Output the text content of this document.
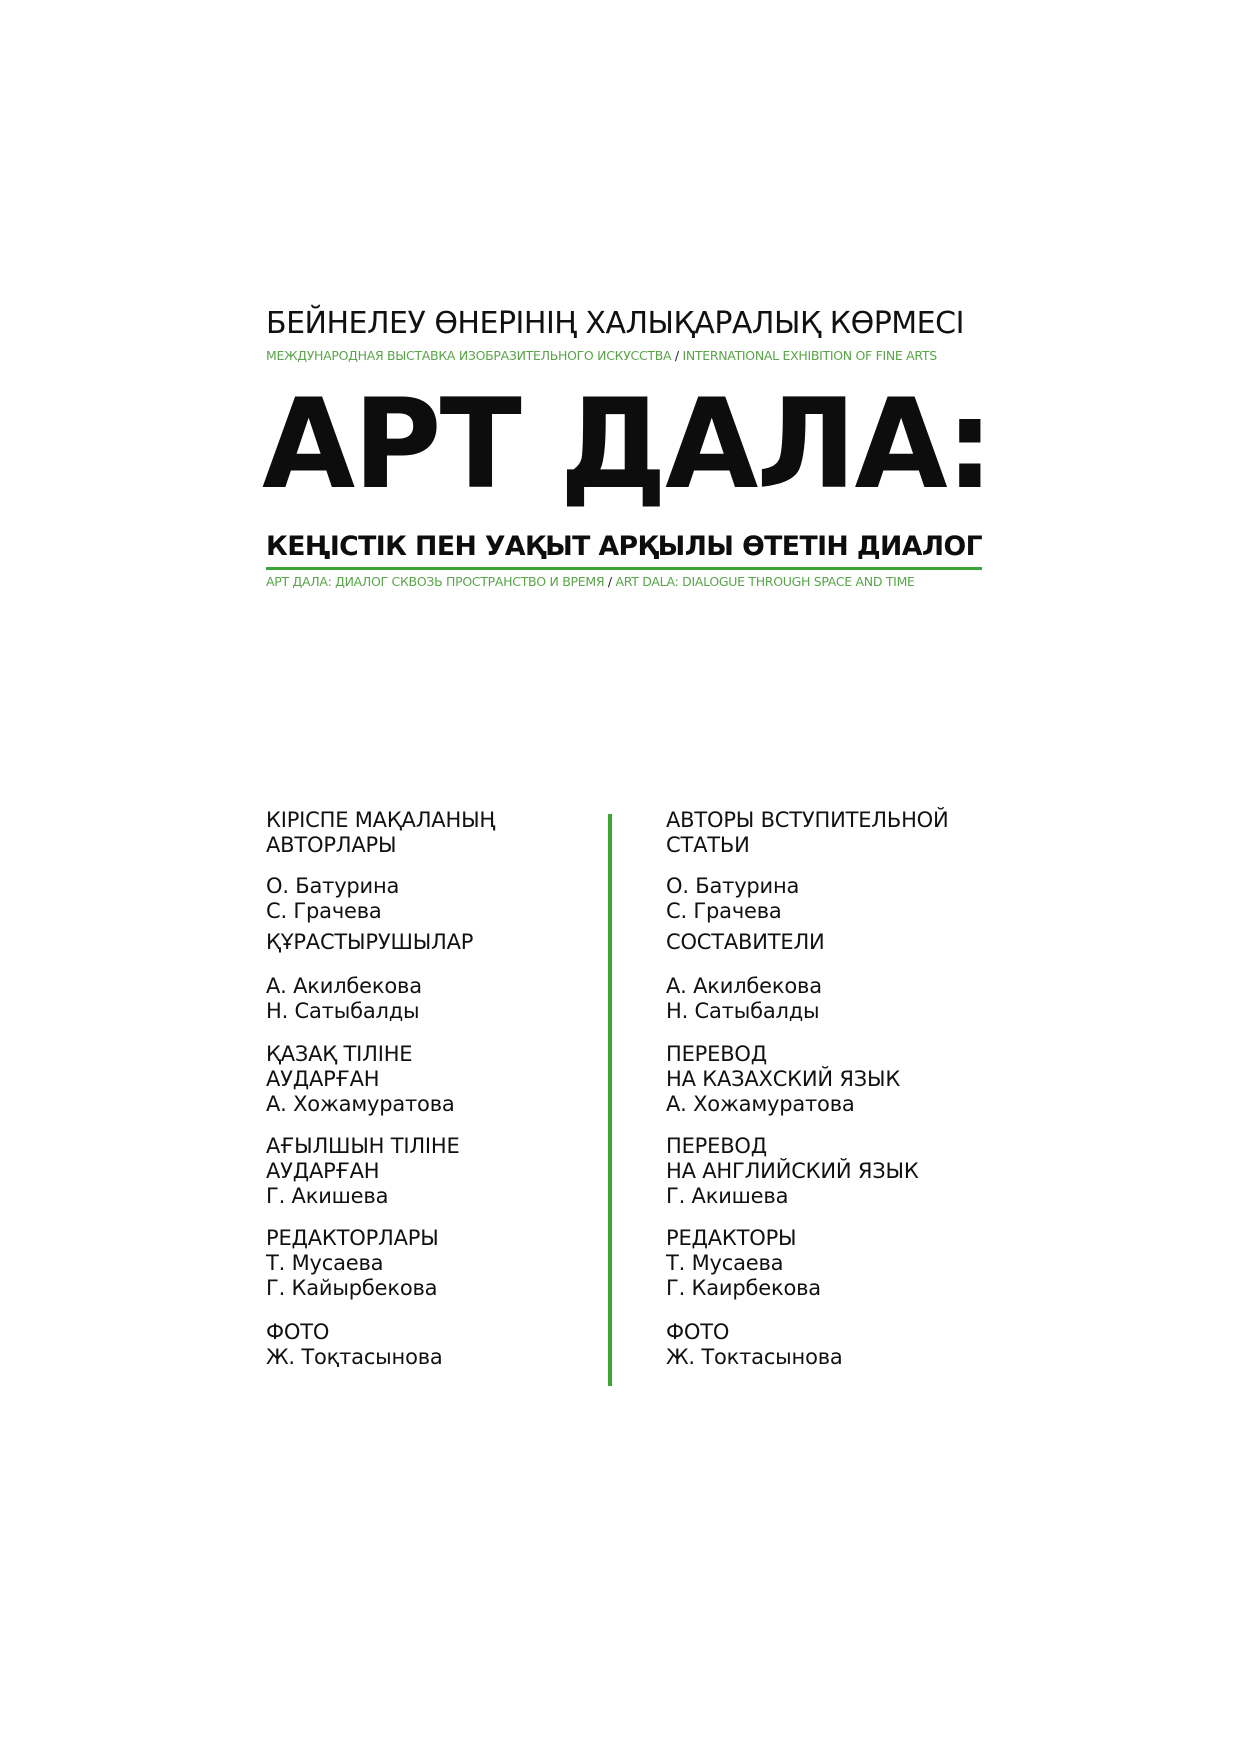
БЕЙНЕЛЕУ ӨНЕРІНІҢ ХАЛЫҚАРАЛЫҚ КӨРМЕСІ МЕЖДУНАРОДНАЯ ВЫСТАВКА ИЗОБРАЗИТЕЛЬНОГО ИСКУССТВА / INTERNATIONAL EXHIBITION OF FINE ARTS
АРТ ДАЛА:
КЕҢІСТІК ПЕН УАҚЫТ АРҚЫЛЫ ӨТЕТІН ДИАЛОГ АРТ ДАЛА: ДИАЛОГ СКВОЗЬ ПРОСТРАНСТВО И ВРЕМЯ / ART DALA: DIALOGUE THROUGH SPACE AND TIME
КІРІСПЕ МАҚАЛАНЫҢ
АВТОРЛАРЫ
О. Батурина
С. Грачева
ҚҰРАСТЫРУШЫЛАР
А. Акилбекова
Н. Сатыбалды
ҚАЗАҚ ТІЛІНЕ
АУДАРҒАН
А. Хожамуратова
АҒЫЛШЫН ТІЛІНЕ
АУДАРҒАН
Г. Акишева
РЕДАКТОРЛАРЫ
Т. Мусаева
Г. Кайырбекова
ФОТО
Ж. Тоқтасынова
АВТОРЫ ВСТУПИТЕЛЬНОЙ
СТАТЬИ
О. Батурина
С. Грачева
СОСТАВИТЕЛИ
А. Акилбекова
Н. Сатыбалды
ПЕРЕВОД
НА КАЗАХСКИЙ ЯЗЫК
А. Хожамуратова
ПЕРЕВОД
НА АНГЛИЙСКИЙ ЯЗЫК
Г. Акишева
РЕДАКТОРЫ
Т. Мусаева
Г. Каирбекова
ФОТО
Ж. Токтасынова
